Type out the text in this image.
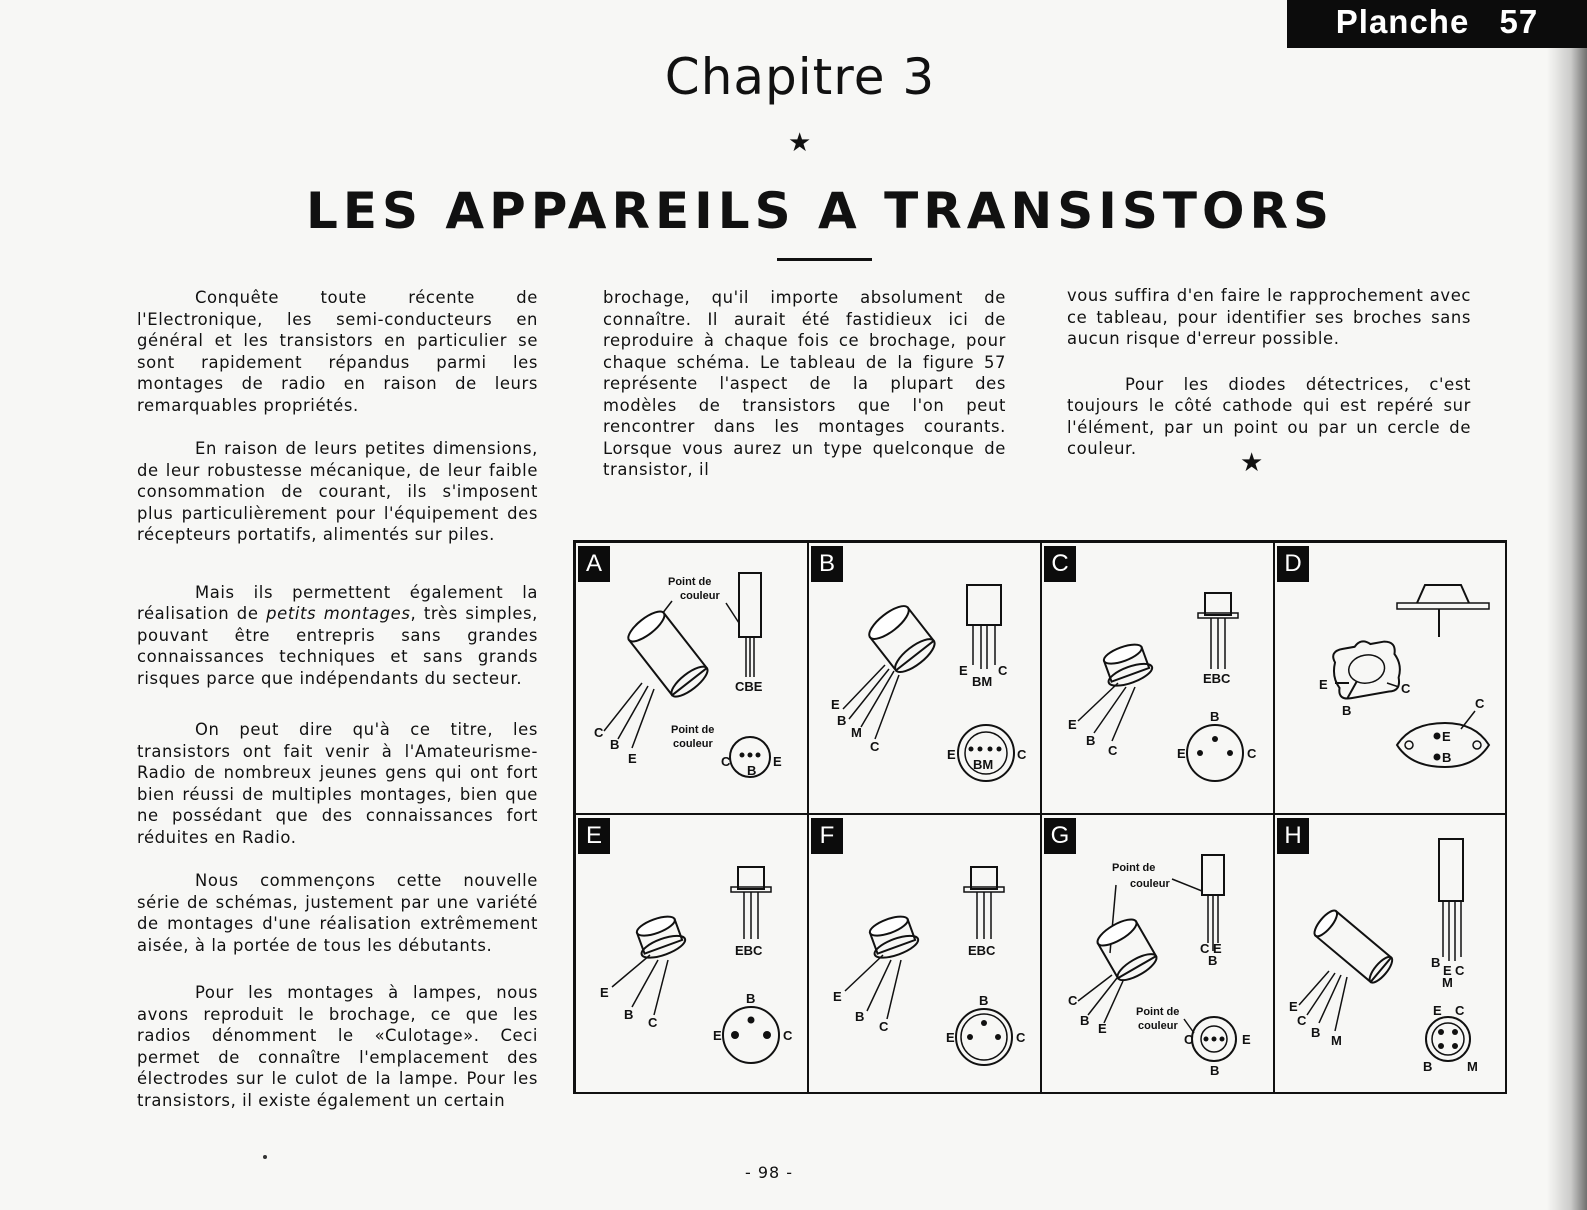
Planche 57
Chapitre 3
★
LES APPAREILS A TRANSISTORS

Conquête toute récente de l'Electronique, les semi-conducteurs en général et les transistors en particulier se sont rapidement répandus parmi les montages de radio en raison de leurs remarquables propriétés.

En raison de leurs petites dimensions, de leur robustesse mécanique, de leur faible consommation de courant, ils s'imposent plus particulièrement pour l'équipement des récepteurs portatifs, alimentés sur piles.

Mais ils permettent également la réalisation de petits montages, très simples, pouvant être entrepris sans grandes connaissances techniques et sans grands risques parce que indépendants du secteur.

On peut dire qu'à ce titre, les transistors ont fait venir à l'Amateurisme-Radio de nombreux jeunes gens qui ont fort bien réussi de multiples montages, bien que ne possédant que des connaissances fort réduites en Radio.

Nous commençons cette nouvelle série de schémas, justement par une variété de montages d'une réalisation extrêmement aisée, à la portée de tous les débutants.

Pour les montages à lampes, nous avons reproduit le brochage, ce que les radios dénomment le «Culotage». Ceci permet de connaître l'emplacement des électrodes sur le culot de la lampe. Pour les transistors, il existe également un certain

brochage, qu'il importe absolument de connaître. Il aurait été fastidieux ici de reproduire à chaque fois ce brochage, pour chaque schéma. Le tableau de la figure 57 représente l'aspect de la plupart des modèles de transistors que l'on peut rencontrer dans les montages courants. Lorsque vous aurez un type quelconque de transistor, il

vous suffira d'en faire le rapprochement avec ce tableau, pour identifier ses broches sans aucun risque d'erreur possible.

Pour les diodes détectrices, c'est toujours le côté cathode qui est repéré sur l'élément, par un point ou par un cercle de couleur.	★
A
Point de
couleur
CBE
C
B
E
Point de
couleur
C
B
E
B
E
BM
C
E
B
M
C
E
BM
C
C
EBC
E
B
C
B
E	C
D
E	C
B	C
E
B
E
EBC
E
B
C
B
E	C
F
EBC
E
B
C
B
E	C
G
Point de
couleur
C E
B
C
B
E
Point de
couleur
C	E
B
H
B
E C
M
E
C
B
M
E C
B	M
- 98 -
